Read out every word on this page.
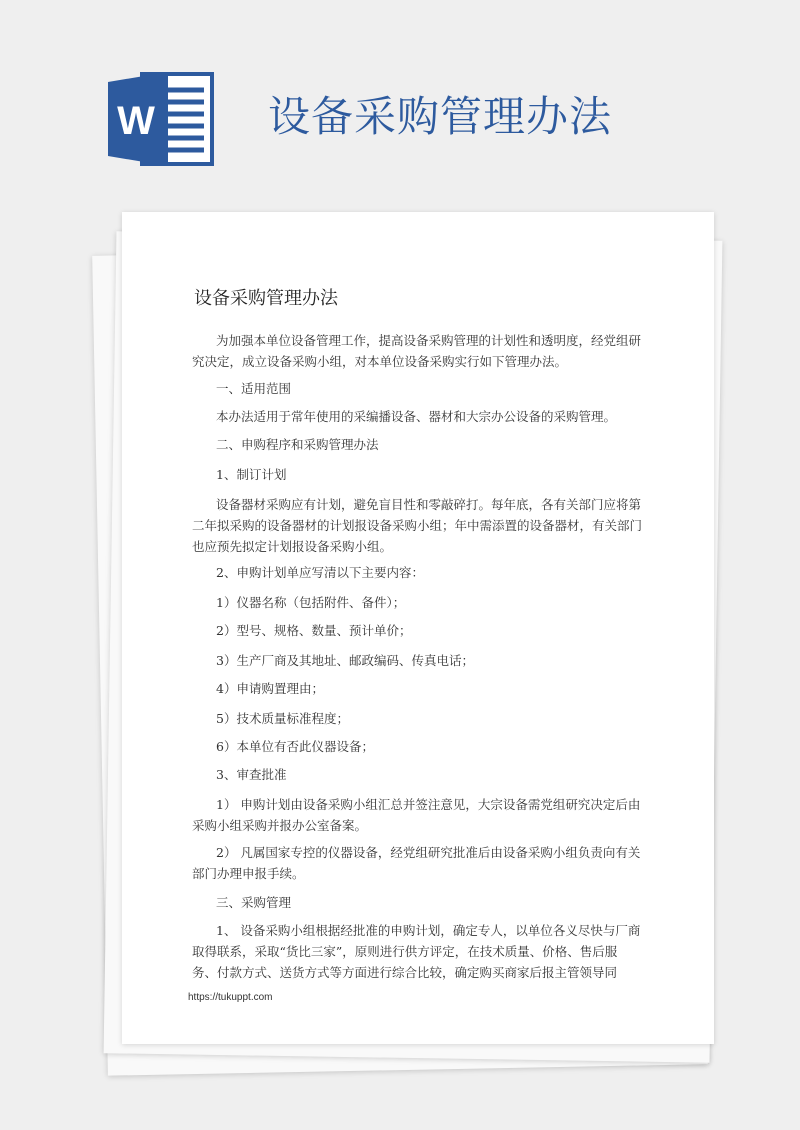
W	设备采购管理办法
设备采购管理办法

为加强本单位设备管理工作，提高设备采购管理的计划性和透明度，经党组研究决定，成立设备采购小组，对本单位设备采购实行如下管理办法。

一、适用范围

本办法适用于常年使用的采编播设备、器材和大宗办公设备的采购管理。

二、申购程序和采购管理办法

1、制订计划

设备器材采购应有计划，避免盲目性和零敲碎打。每年底，各有关部门应将第二年拟采购的设备器材的计划报设备采购小组；年中需添置的设备器材，有关部门也应预先拟定计划报设备采购小组。

2、申购计划单应写清以下主要内容：

1）仪器名称（包括附件、备件）；

2）型号、规格、数量、预计单价；

3）生产厂商及其地址、邮政编码、传真电话；

4）申请购置理由；

5）技术质量标准程度；

6）本单位有否此仪器设备；

3、审查批准

1） 申购计划由设备采购小组汇总并签注意见，大宗设备需党组研究决定后由采购小组采购并报办公室备案。

2） 凡属国家专控的仪器设备，经党组研究批准后由设备采购小组负责向有关部门办理申报手续。

三、采购管理

1、 设备采购小组根据经批准的申购计划，确定专人，以单位各义尽快与厂商取得联系，采取“货比三家”，原则进行供方评定，在技术质量、价格、售后服务、付款方式、送货方式等方面进行综合比较，确定购买商家后报主管领导同

https://tukuppt.com
